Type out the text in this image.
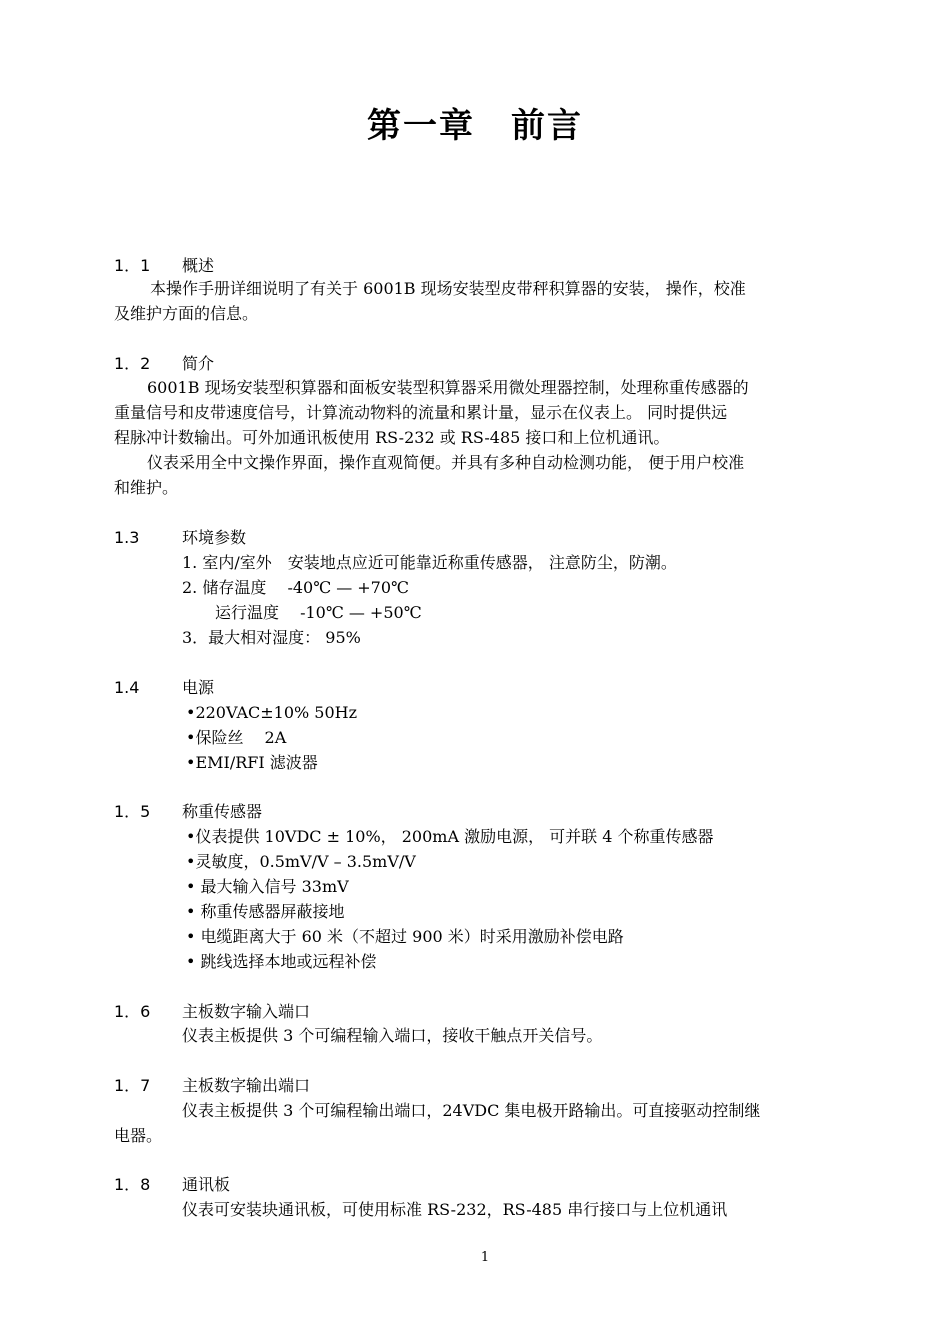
第一章　前言
1．1 概述
本操作手册详细说明了有关于 6001B 现场安装型皮带秤积算器的安装， 操作，校准
及维护方面的信息。
1．2 简介
6001B 现场安装型积算器和面板安装型积算器采用微处理器控制，处理称重传感器的
重量信号和皮带速度信号，计算流动物料的流量和累计量，显示在仪表上。 同时提供远
程脉冲计数输出。可外加通讯板使用 RS-232 或 RS-485 接口和上位机通讯。
仪表采用全中文操作界面，操作直观简便。并具有多种自动检测功能， 便于用户校准
和维护。
1.3	环境参数
1. 室内/室外　安装地点应近可能靠近称重传感器， 注意防尘，防潮。
2. 储存温度　 -40℃ — +70℃
运行温度　 -10℃ — +50℃
3．最大相对湿度： 95%
1.4	电源
•220VAC±10% 50Hz
•保险丝　 2A
•EMI/RFI 滤波器
1．5 称重传感器
•仪表提供 10VDC ± 10%， 200mA 激励电源， 可并联 4 个称重传感器
•灵敏度，0.5mV/V – 3.5mV/V
• 最大输入信号 33mV
• 称重传感器屏蔽接地
• 电缆距离大于 60 米（不超过 900 米）时采用激励补偿电路
• 跳线选择本地或远程补偿
1．6 主板数字输入端口
仪表主板提供 3 个可编程输入端口，接收干触点开关信号。
1．7 主板数字输出端口
仪表主板提供 3 个可编程输出端口，24VDC 集电极开路输出。可直接驱动控制继
电器。
1．8 通讯板
仪表可安装块通讯板，可使用标准 RS-232，RS-485 串行接口与上位机通讯
1
